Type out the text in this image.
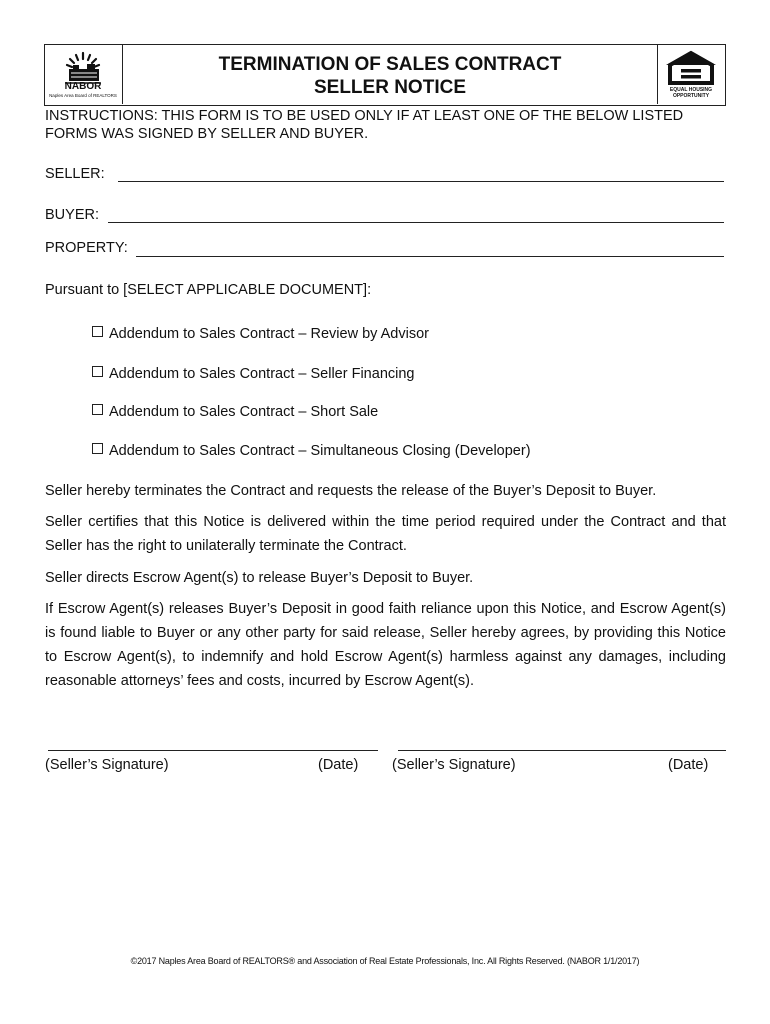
NABOR
Naples Area Board of REALTORS
TERMINATION OF SALES CONTRACT
SELLER NOTICE	EQUAL HOUSING
OPPORTUNITY
INSTRUCTIONS: THIS FORM IS TO BE USED ONLY IF AT LEAST ONE OF THE BELOW LISTED
FORMS WAS SIGNED BY SELLER AND BUYER.
SELLER:
BUYER:
PROPERTY:
Pursuant to [SELECT APPLICABLE DOCUMENT]:
Addendum to Sales Contract – Review by Advisor
Addendum to Sales Contract – Seller Financing
Addendum to Sales Contract – Short Sale
Addendum to Sales Contract – Simultaneous Closing (Developer)
Seller hereby terminates the Contract and requests the release of the Buyer’s Deposit to Buyer.
Seller certifies that this Notice is delivered within the time period required under the Contract and that Seller has the right to unilaterally terminate the Contract.
Seller directs Escrow Agent(s) to release Buyer’s Deposit to Buyer.
If Escrow Agent(s) releases Buyer’s Deposit in good faith reliance upon this Notice, and Escrow Agent(s) is found liable to Buyer or any other party for said release, Seller hereby agrees, by providing this Notice to Escrow Agent(s), to indemnify and hold Escrow Agent(s) harmless against any damages, including reasonable attorneys’ fees and costs, incurred by Escrow Agent(s).
(Seller’s Signature)	(Date) (Seller’s Signature)	(Date)
©2017 Naples Area Board of REALTORS® and Association of Real Estate Professionals, Inc. All Rights Reserved. (NABOR 1/1/2017)
